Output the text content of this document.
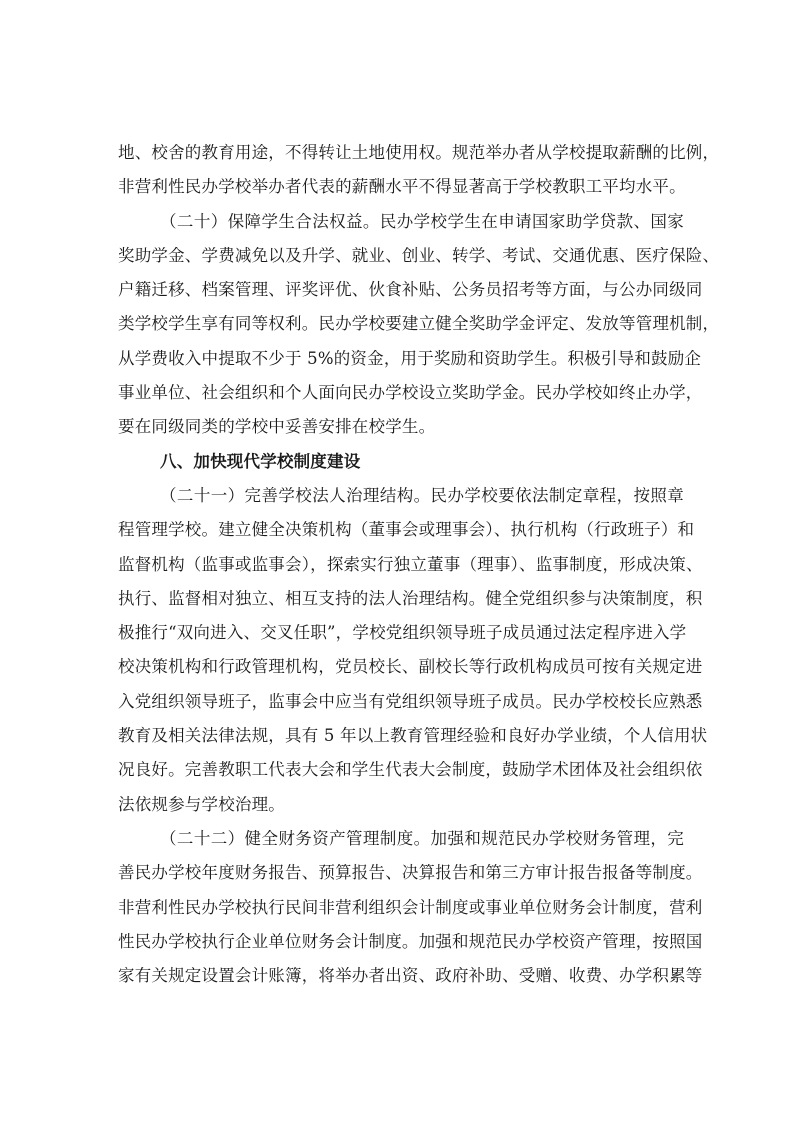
地、校舍的教育用途，不得转让土地使用权。规范举办者从学校提取薪酬的比例，
非营利性民办学校举办者代表的薪酬水平不得显著高于学校教职工平均水平。
（二十）保障学生合法权益。民办学校学生在申请国家助学贷款、国家
奖助学金、学费减免以及升学、就业、创业、转学、考试、交通优惠、医疗保险、
户籍迁移、档案管理、评奖评优、伙食补贴、公务员招考等方面，与公办同级同
类学校学生享有同等权利。民办学校要建立健全奖助学金评定、发放等管理机制，
从学费收入中提取不少于 5%的资金，用于奖励和资助学生。积极引导和鼓励企
事业单位、社会组织和个人面向民办学校设立奖助学金。民办学校如终止办学，
要在同级同类的学校中妥善安排在校学生。
八、加快现代学校制度建设
（二十一）完善学校法人治理结构。民办学校要依法制定章程，按照章
程管理学校。建立健全决策机构（董事会或理事会）、执行机构（行政班子）和
监督机构（监事或监事会），探索实行独立董事（理事）、监事制度，形成决策、
执行、监督相对独立、相互支持的法人治理结构。健全党组织参与决策制度，积
极推行“双向进入、交叉任职”，学校党组织领导班子成员通过法定程序进入学
校决策机构和行政管理机构，党员校长、副校长等行政机构成员可按有关规定进
入党组织领导班子，监事会中应当有党组织领导班子成员。民办学校校长应熟悉
教育及相关法律法规，具有 5 年以上教育管理经验和良好办学业绩，个人信用状
况良好。完善教职工代表大会和学生代表大会制度，鼓励学术团体及社会组织依
法依规参与学校治理。
（二十二）健全财务资产管理制度。加强和规范民办学校财务管理，完
善民办学校年度财务报告、预算报告、决算报告和第三方审计报告报备等制度。
非营利性民办学校执行民间非营利组织会计制度或事业单位财务会计制度，营利
性民办学校执行企业单位财务会计制度。加强和规范民办学校资产管理，按照国
家有关规定设置会计账簿，将举办者出资、政府补助、受赠、收费、办学积累等
